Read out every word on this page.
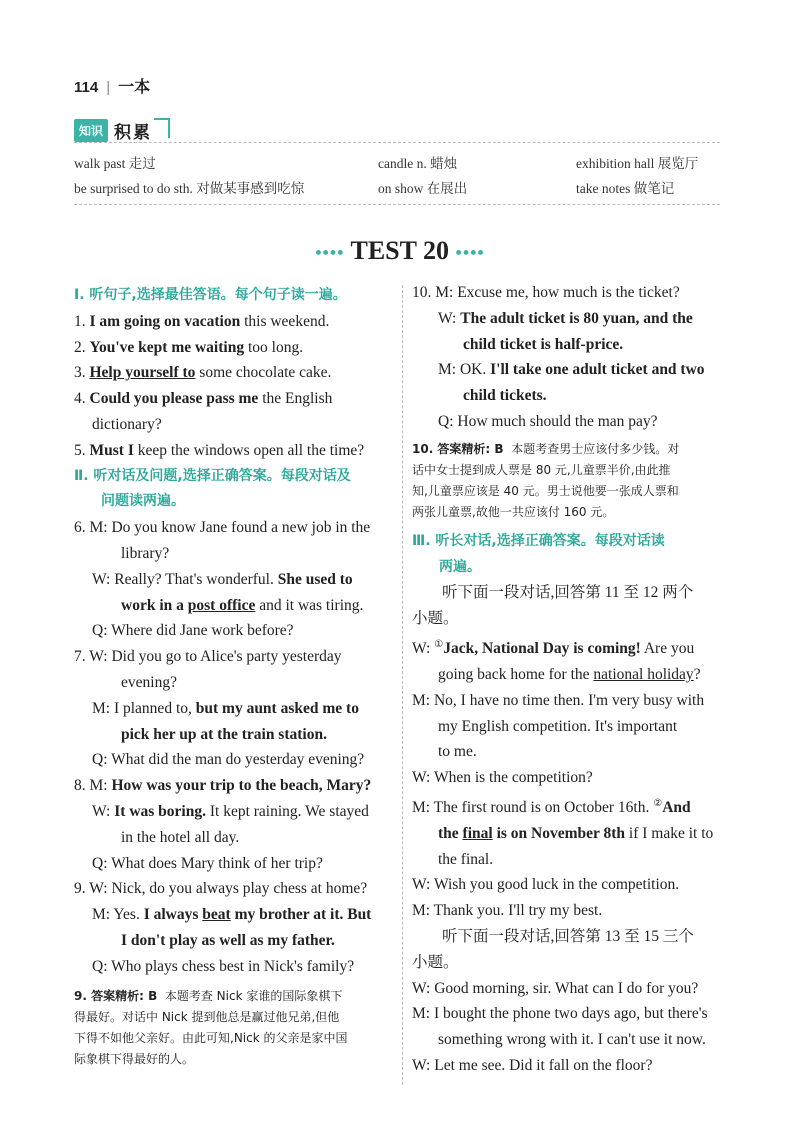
114 | 一本
知识 积累
walk past 走过	candle n. 蜡烛	exhibition hall 展览厅
be surprised to do sth. 对做某事感到吃惊	on show 在展出	take notes 做笔记
•••• TEST 20 ••••

Ⅰ. 听句子,选择最佳答语。每个句子读一遍。

1. I am going on vacation this weekend.

2. You've kept me waiting too long.

3. Help yourself to some chocolate cake.

4. Could you please pass me the English

dictionary?

5. Must I keep the windows open all the time?

Ⅱ. 听对话及问题,选择正确答案。每段对话及

问题读两遍。

6. M: Do you know Jane found a new job in the

library?

W: Really? That's wonderful. She used to

work in a post office and it was tiring.

Q: Where did Jane work before?

7. W: Did you go to Alice's party yesterday

evening?

M: I planned to, but my aunt asked me to

pick her up at the train station.

Q: What did the man do yesterday evening?

8. M: How was your trip to the beach, Mary?

W: It was boring. It kept raining. We stayed

in the hotel all day.

Q: What does Mary think of her trip?

9. W: Nick, do you always play chess at home?

M: Yes. I always beat my brother at it. But

I don't play as well as my father.

Q: Who plays chess best in Nick's family?

9. 答案精析: B 本题考查 Nick 家谁的国际象棋下
得最好。对话中 Nick 提到他总是赢过他兄弟,但他
下得不如他父亲好。由此可知,Nick 的父亲是家中国
际象棋下得最好的人。

10. M: Excuse me, how much is the ticket?

W: The adult ticket is 80 yuan, and the

child ticket is half-price.

M: OK. I'll take one adult ticket and two

child tickets.

Q: How much should the man pay?

10. 答案精析: B 本题考查男士应该付多少钱。对
话中女士提到成人票是 80 元,儿童票半价,由此推
知,儿童票应该是 40 元。男士说他要一张成人票和
两张儿童票,故他一共应该付 160 元。

Ⅲ. 听长对话,选择正确答案。每段对话读

两遍。

听下面一段对话,回答第 11 至 12 两个

小题。

W: ①Jack, National Day is coming! Are you

going back home for the national holiday?

M: No, I have no time then. I'm very busy with

my English competition. It's important

to me.

W: When is the competition?

M: The first round is on October 16th. ②And

the final is on November 8th if I make it to

the final.

W: Wish you good luck in the competition.

M: Thank you. I'll try my best.

听下面一段对话,回答第 13 至 15 三个

小题。

W: Good morning, sir. What can I do for you?

M: I bought the phone two days ago, but there's

something wrong with it. I can't use it now.

W: Let me see. Did it fall on the floor?
